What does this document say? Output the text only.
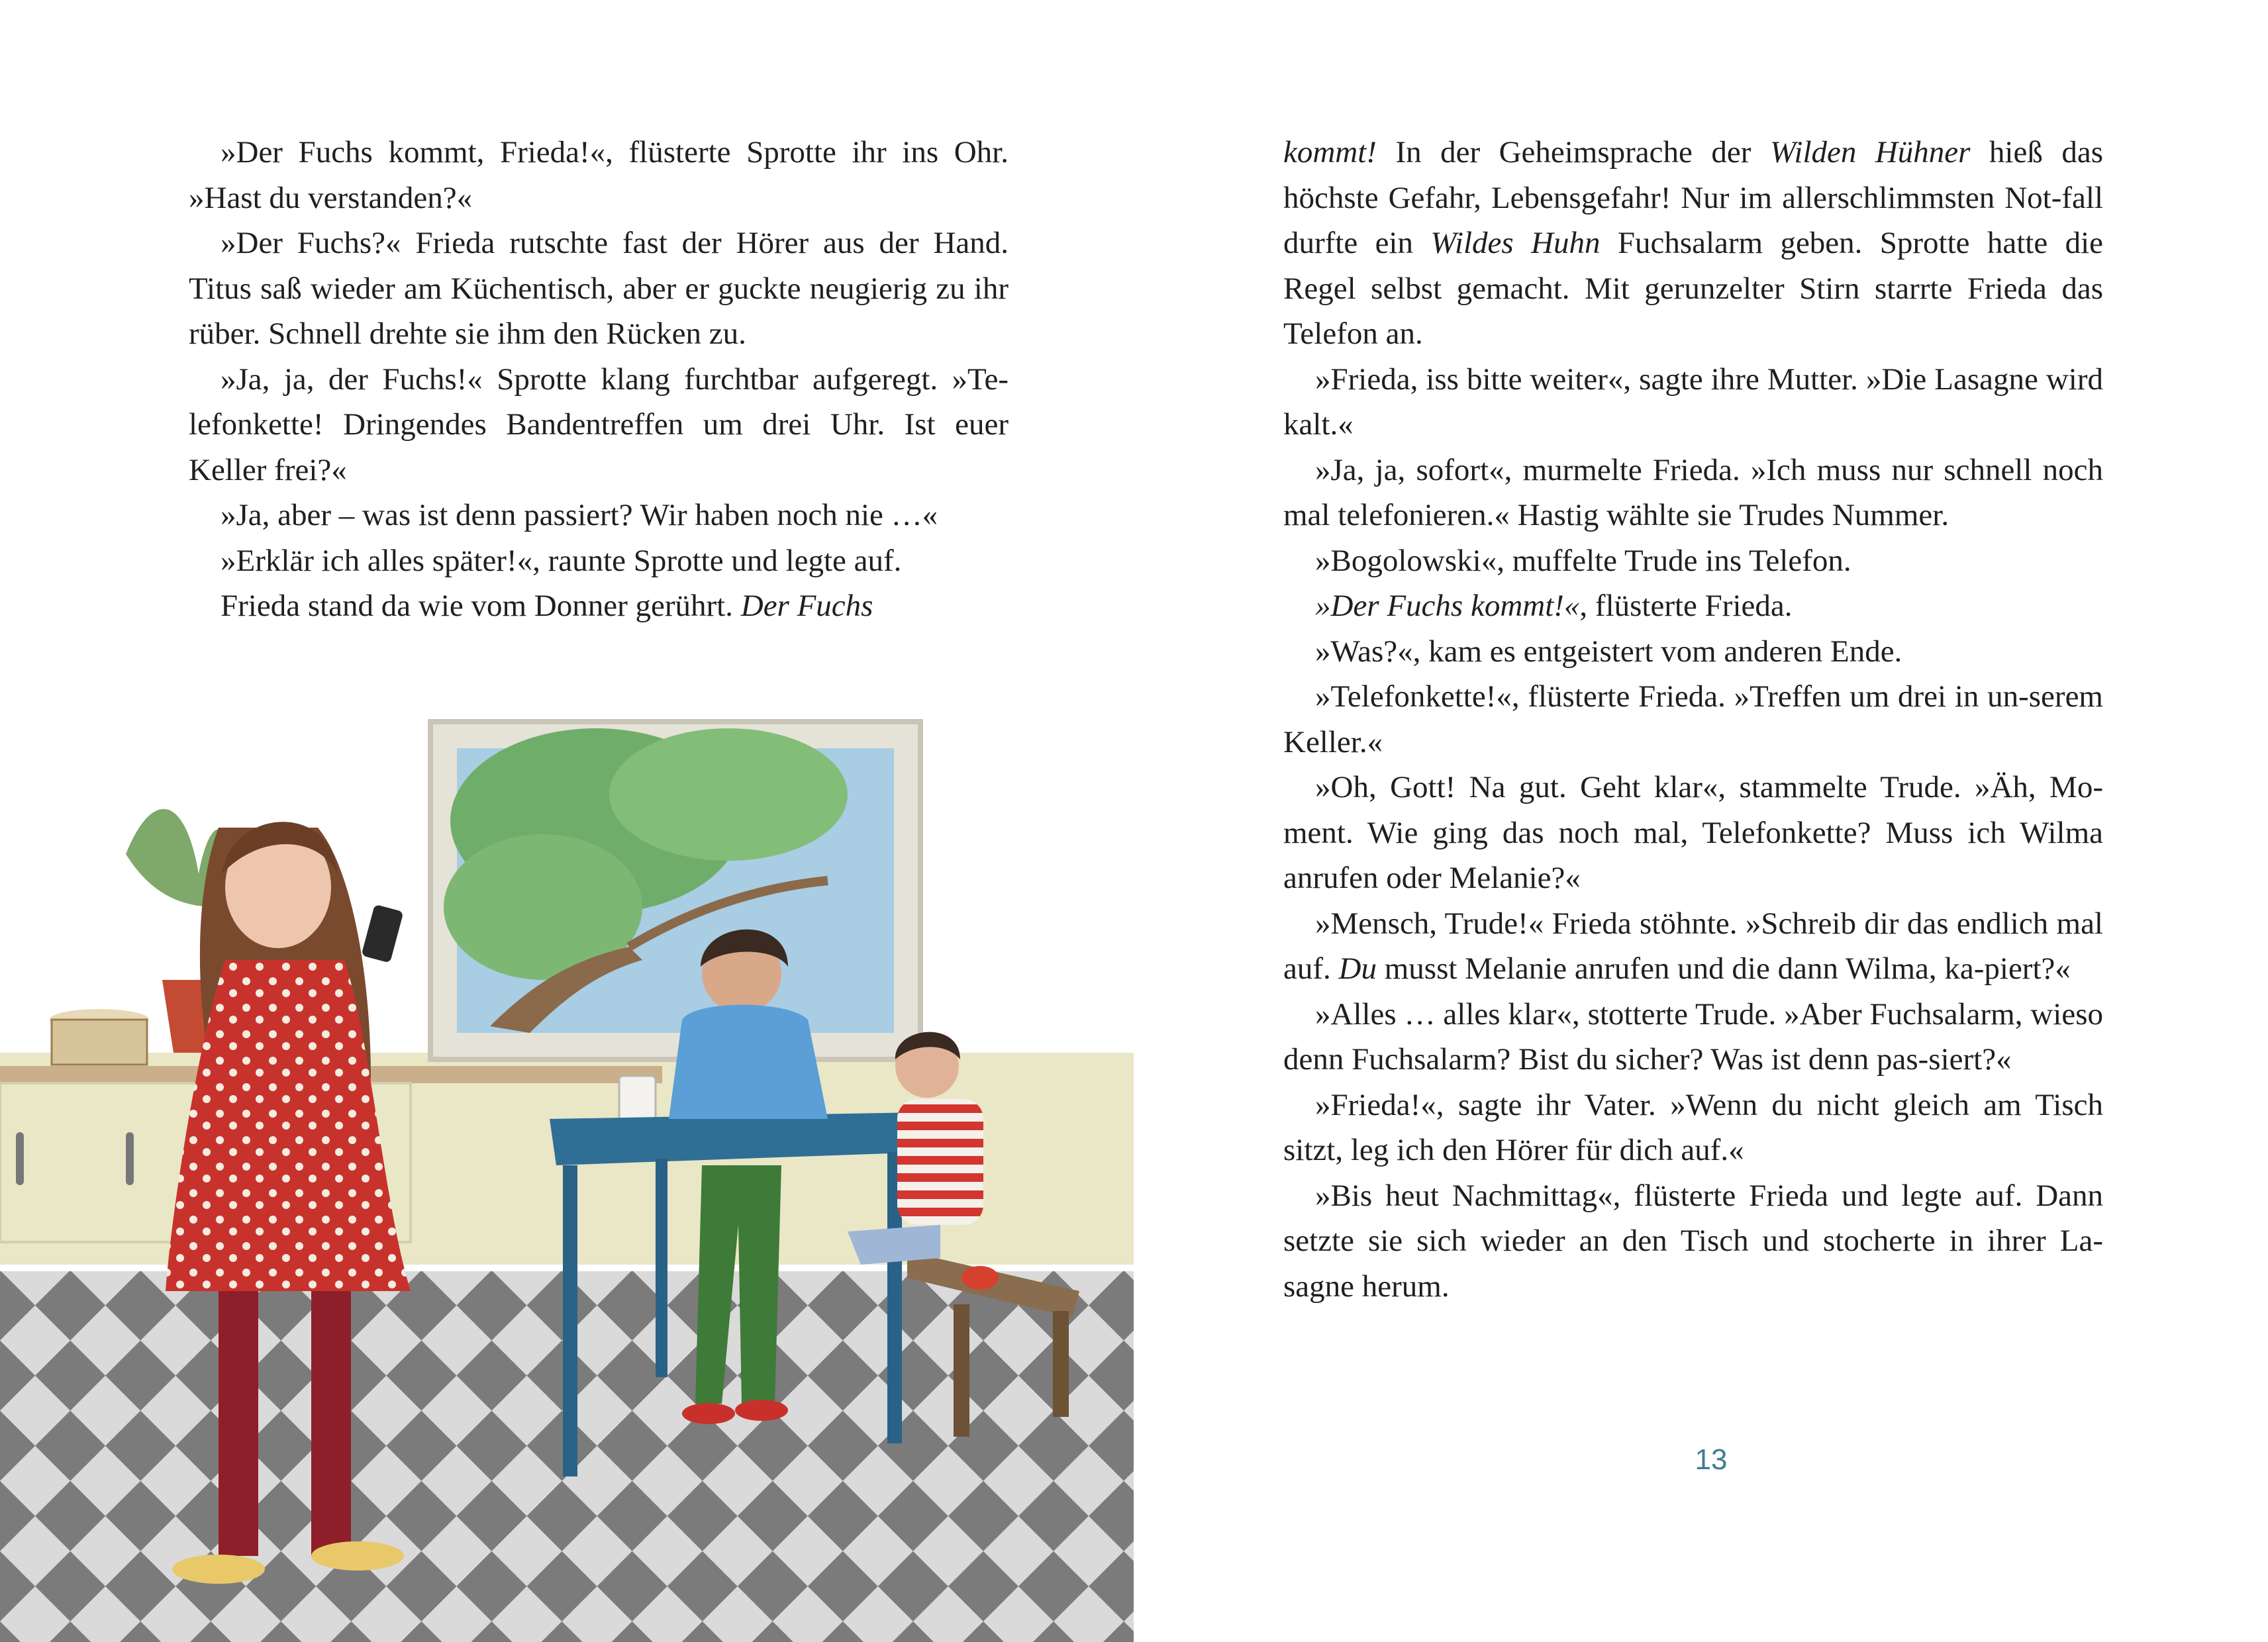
»Der Fuchs kommt, Frieda!«, flüsterte Sprotte ihr ins Ohr. »Hast du verstanden?«

»Der Fuchs?« Frieda rutschte fast der Hörer aus der Hand. Titus saß wieder am Küchentisch, aber er guckte neugierig zu ihr rüber. Schnell drehte sie ihm den Rücken zu.

»Ja, ja, der Fuchs!« Sprotte klang furchtbar aufgeregt. »Te-lefonkette! Dringendes Bandentreffen um drei Uhr. Ist euer Keller frei?«

»Ja, aber – was ist denn passiert? Wir haben noch nie …«

»Erklär ich alles später!«, raunte Sprotte und legte auf.

Frieda stand da wie vom Donner gerührt. Der Fuchs

kommt! In der Geheimsprache der Wilden Hühner hieß das höchste Gefahr, Lebensgefahr! Nur im allerschlimmsten Not-fall durfte ein Wildes Huhn Fuchsalarm geben. Sprotte hatte die Regel selbst gemacht. Mit gerunzelter Stirn starrte Frieda das Telefon an.

»Frieda, iss bitte weiter«, sagte ihre Mutter. »Die Lasagne wird kalt.«

»Ja, ja, sofort«, murmelte Frieda. »Ich muss nur schnell noch mal telefonieren.« Hastig wählte sie Trudes Nummer.

»Bogolowski«, muffelte Trude ins Telefon.

»Der Fuchs kommt!«, flüsterte Frieda.

»Was?«, kam es entgeistert vom anderen Ende.

»Telefonkette!«, flüsterte Frieda. »Treffen um drei in un-serem Keller.«

»Oh, Gott! Na gut. Geht klar«, stammelte Trude. »Äh, Mo-ment. Wie ging das noch mal, Telefonkette? Muss ich Wilma anrufen oder Melanie?«

»Mensch, Trude!« Frieda stöhnte. »Schreib dir das endlich mal auf. Du musst Melanie anrufen und die dann Wilma, ka-piert?«

»Alles … alles klar«, stotterte Trude. »Aber Fuchsalarm, wieso denn Fuchsalarm? Bist du sicher? Was ist denn pas-siert?«

»Frieda!«, sagte ihr Vater. »Wenn du nicht gleich am Tisch sitzt, leg ich den Hörer für dich auf.«

»Bis heut Nachmittag«, flüsterte Frieda und legte auf. Dann setzte sie sich wieder an den Tisch und stocherte in ihrer La-sagne herum.

13
